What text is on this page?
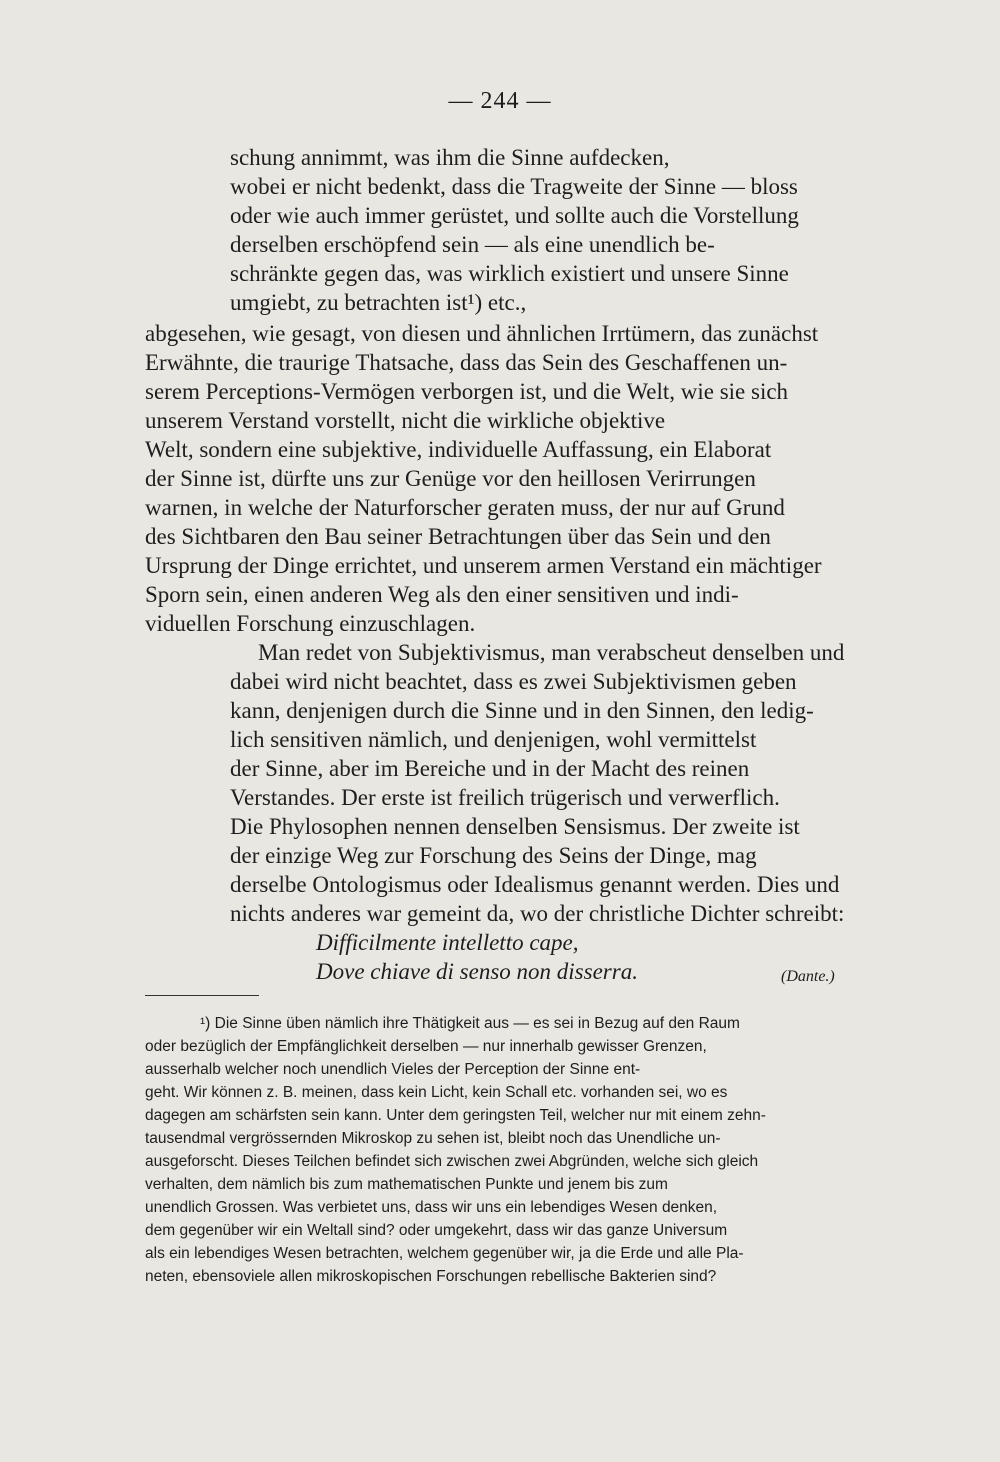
— 244 —
schung annimmt, was ihm die Sinne aufdecken,
wobei er nicht bedenkt, dass die Tragweite der Sinne — bloss
oder wie auch immer gerüstet, und sollte auch die Vorstellung
derselben erschöpfend sein — als eine unendlich be-
schränkte gegen das, was wirklich existiert und unsere Sinne
umgiebt, zu betrachten ist¹) etc.,
abgesehen, wie gesagt, von diesen und ähnlichen Irrtümern, das zunächst
Erwähnte, die traurige Thatsache, dass das Sein des Geschaffenen un-
serem Perceptions-Vermögen verborgen ist, und die Welt, wie sie sich
unserem Verstand vorstellt, nicht die wirkliche objektive
Welt, sondern eine subjektive, individuelle Auffassung, ein Elaborat
der Sinne ist, dürfte uns zur Genüge vor den heillosen Verirrungen
warnen, in welche der Naturforscher geraten muss, der nur auf Grund
des Sichtbaren den Bau seiner Betrachtungen über das Sein und den
Ursprung der Dinge errichtet, und unserem armen Verstand ein mächtiger
Sporn sein, einen anderen Weg als den einer sensitiven und indi-
viduellen Forschung einzuschlagen.
Man redet von Subjektivismus, man verabscheut denselben und
dabei wird nicht beachtet, dass es zwei Subjektivismen geben
kann, denjenigen durch die Sinne und in den Sinnen, den ledig-
lich sensitiven nämlich, und denjenigen, wohl vermittelst
der Sinne, aber im Bereiche und in der Macht des reinen
Verstandes. Der erste ist freilich trügerisch und verwerflich.
Die Phylosophen nennen denselben Sensismus. Der zweite ist
der einzige Weg zur Forschung des Seins der Dinge, mag
derselbe Ontologismus oder Idealismus genannt werden. Dies und
nichts anderes war gemeint da, wo der christliche Dichter schreibt:
Difficilmente intelletto cape,
Dove chiave di senso non disserra.	(Dante.)
¹) Die Sinne üben nämlich ihre Thätigkeit aus — es sei in Bezug auf den Raum
oder bezüglich der Empfänglichkeit derselben — nur innerhalb gewisser Grenzen,
ausserhalb welcher noch unendlich Vieles der Perception der Sinne ent-
geht. Wir können z. B. meinen, dass kein Licht, kein Schall etc. vorhanden sei, wo es
dagegen am schärfsten sein kann. Unter dem geringsten Teil, welcher nur mit einem zehn-
tausendmal vergrössernden Mikroskop zu sehen ist, bleibt noch das Unendliche un-
ausgeforscht. Dieses Teilchen befindet sich zwischen zwei Abgründen, welche sich gleich
verhalten, dem nämlich bis zum mathematischen Punkte und jenem bis zum
unendlich Grossen. Was verbietet uns, dass wir uns ein lebendiges Wesen denken,
dem gegenüber wir ein Weltall sind? oder umgekehrt, dass wir das ganze Universum
als ein lebendiges Wesen betrachten, welchem gegenüber wir, ja die Erde und alle Pla-
neten, ebensoviele allen mikroskopischen Forschungen rebellische Bakterien sind?
